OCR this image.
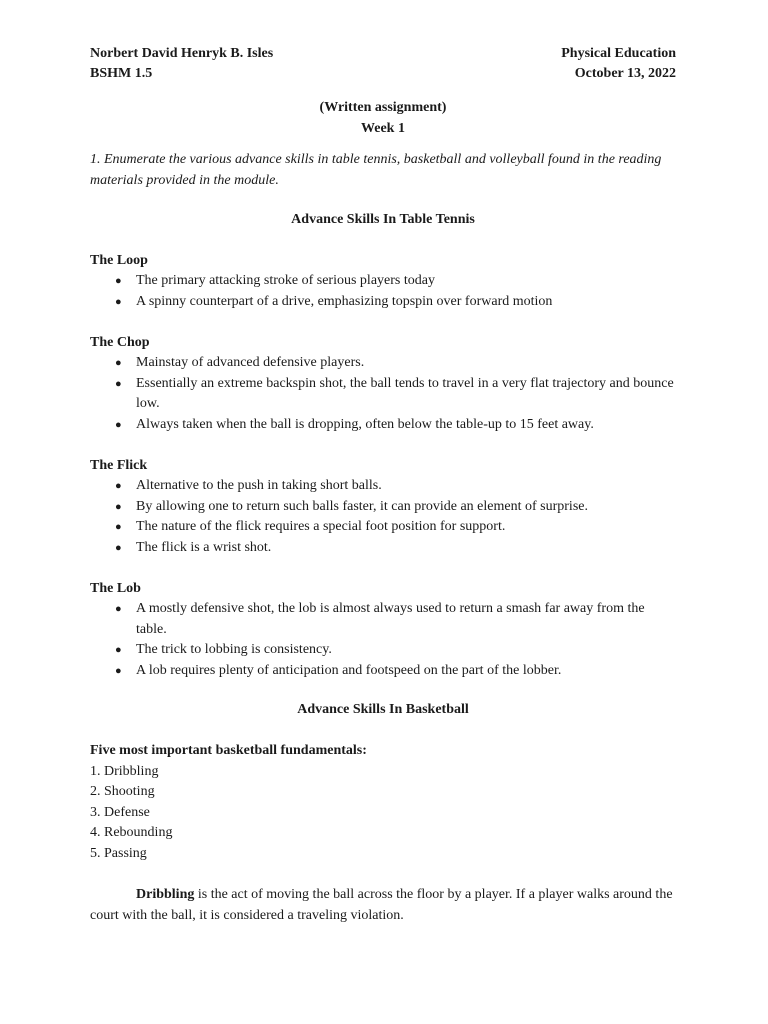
Norbert David Henryk B. Isles	Physical Education
BSHM 1.5	October 13, 2022
(Written assignment)
Week 1
1. Enumerate the various advance skills in table tennis, basketball and volleyball found in the reading materials provided in the module.
Advance Skills In Table Tennis
The Loop
● The primary attacking stroke of serious players today
● A spinny counterpart of a drive, emphasizing topspin over forward motion
The Chop
● Mainstay of advanced defensive players.
● Essentially an extreme backspin shot, the ball tends to travel in a very flat trajectory and bounce low.
● Always taken when the ball is dropping, often below the table-up to 15 feet away.
The Flick
● Alternative to the push in taking short balls.
● By allowing one to return such balls faster, it can provide an element of surprise.
● The nature of the flick requires a special foot position for support.
● The flick is a wrist shot.
The Lob
● A mostly defensive shot, the lob is almost always used to return a smash far away from the table.
● The trick to lobbing is consistency.
● A lob requires plenty of anticipation and footspeed on the part of the lobber.
Advance Skills In Basketball
Five most important basketball fundamentals:
1. Dribbling
2. Shooting
3. Defense
4. Rebounding
5. Passing
Dribbling is the act of moving the ball across the floor by a player. If a player walks around the court with the ball, it is considered a traveling violation.
